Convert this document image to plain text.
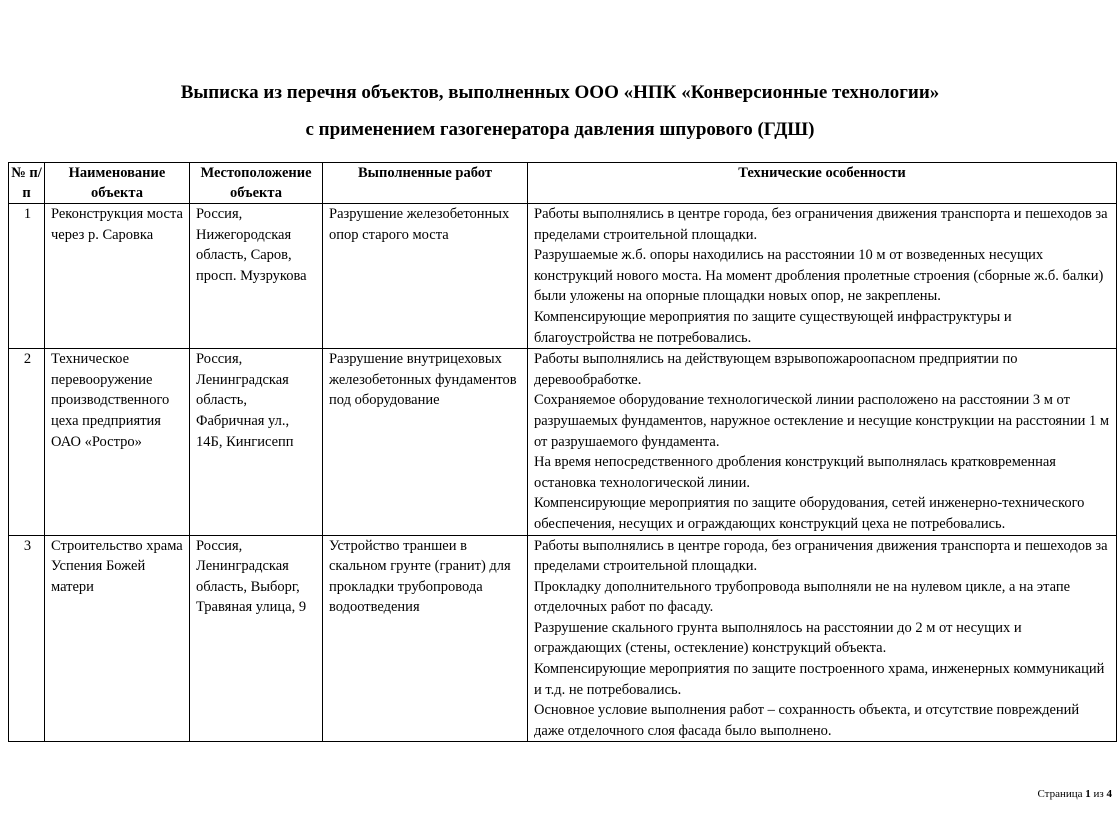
Выписка из перечня объектов, выполненных ООО «НПК «Конверсионные технологии»
с применением газогенератора давления шпурового (ГДШ)
№ п/п	Наименование объекта	Местоположение объекта	Выполненные работ	Технические особенности
1	Реконструкция моста через р. Саровка	Россия, Нижегородская область, Саров, просп. Музрукова	Разрушение железобетонных опор старого моста	Работы выполнялись в центре города, без ограничения движения транспорта и пешеходов за пределами строительной площадки.

Разрушаемые ж.б. опоры находились на расстоянии 10 м от возведенных несущих конструкций нового моста. На момент дробления пролетные строения (сборные ж.б. балки) были уложены на опорные площадки новых опор, не закреплены.

Компенсирующие мероприятия по защите существующей инфраструктуры и благоустройства не потребовались.

2	Техническое перевооружение производственного цеха предприятия ОАО «Ростро»	Россия, Ленинградская область, Фабричная ул., 14Б, Кингисепп	Разрушение внутрицеховых железобетонных фундаментов под оборудование	Работы выполнялись на действующем взрывопожароопасном предприятии по деревообработке.

Сохраняемое оборудование технологической линии расположено на расстоянии 3 м от разрушаемых фундаментов, наружное остекление и несущие конструкции на расстоянии 1 м от разрушаемого фундамента.

На время непосредственного дробления конструкций выполнялась кратковременная остановка технологической линии.

Компенсирующие мероприятия по защите оборудования, сетей инженерно-технического обеспечения, несущих и ограждающих конструкций цеха не потребовались.

3	Строительство храма Успения Божей матери	Россия, Ленинградская область, Выборг, Травяная улица, 9	Устройство траншеи в скальном грунте (гранит) для прокладки трубопровода водоотведения	Работы выполнялись в центре города, без ограничения движения транспорта и пешеходов за пределами строительной площадки.

Прокладку дополнительного трубопровода выполняли не на нулевом цикле, а на этапе отделочных работ по фасаду.

Разрушение скального грунта выполнялось на расстоянии до 2 м от несущих и ограждающих (стены, остекление) конструкций объекта.

Компенсирующие мероприятия по защите построенного храма, инженерных коммуникаций и т.д. не потребовались.

Основное условие выполнения работ – сохранность объекта, и отсутствие повреждений даже отделочного слоя фасада было выполнено.

Страница 1 из 4
